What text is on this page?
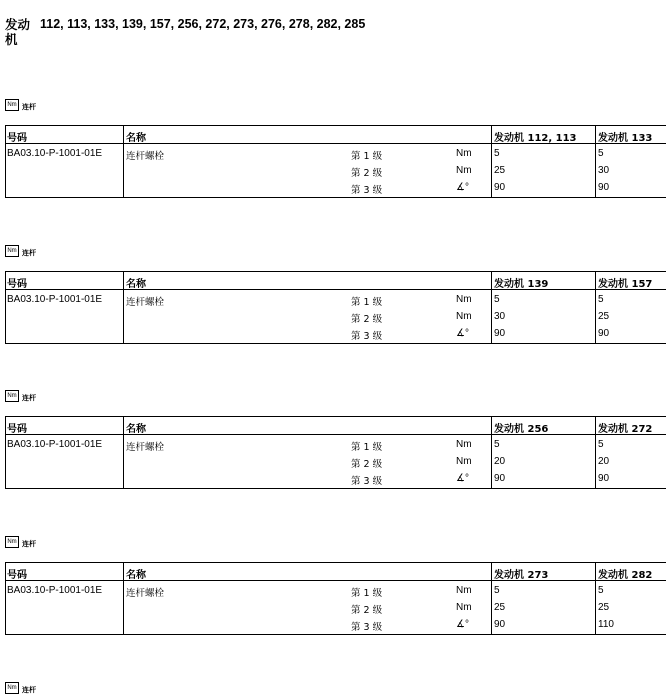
发动机
112, 113, 133, 139, 157, 256, 272, 273, 276, 278, 282, 285
Nm 连杆
号码	名称	发动机 112, 113 发动机 133
BA03.10-P-1001-01E	连杆螺栓	第 1 级	Nm 5	5
第 2 级	Nm 25	30
第 3 级	∡°	90	90
Nm 连杆
号码	名称	发动机 139	发动机 157
BA03.10-P-1001-01E	连杆螺栓	第 1 级	Nm 5	5
第 2 级	Nm 30	25
第 3 级	∡°	90	90
Nm 连杆
号码	名称	发动机 256	发动机 272
BA03.10-P-1001-01E	连杆螺栓	第 1 级	Nm 5	5
第 2 级	Nm 20	20
第 3 级	∡°	90	90
Nm 连杆
号码	名称	发动机 273	发动机 282
BA03.10-P-1001-01E	连杆螺栓	第 1 级	Nm 5	5
第 2 级	Nm 25	25
第 3 级	∡°	90	110
Nm 连杆
